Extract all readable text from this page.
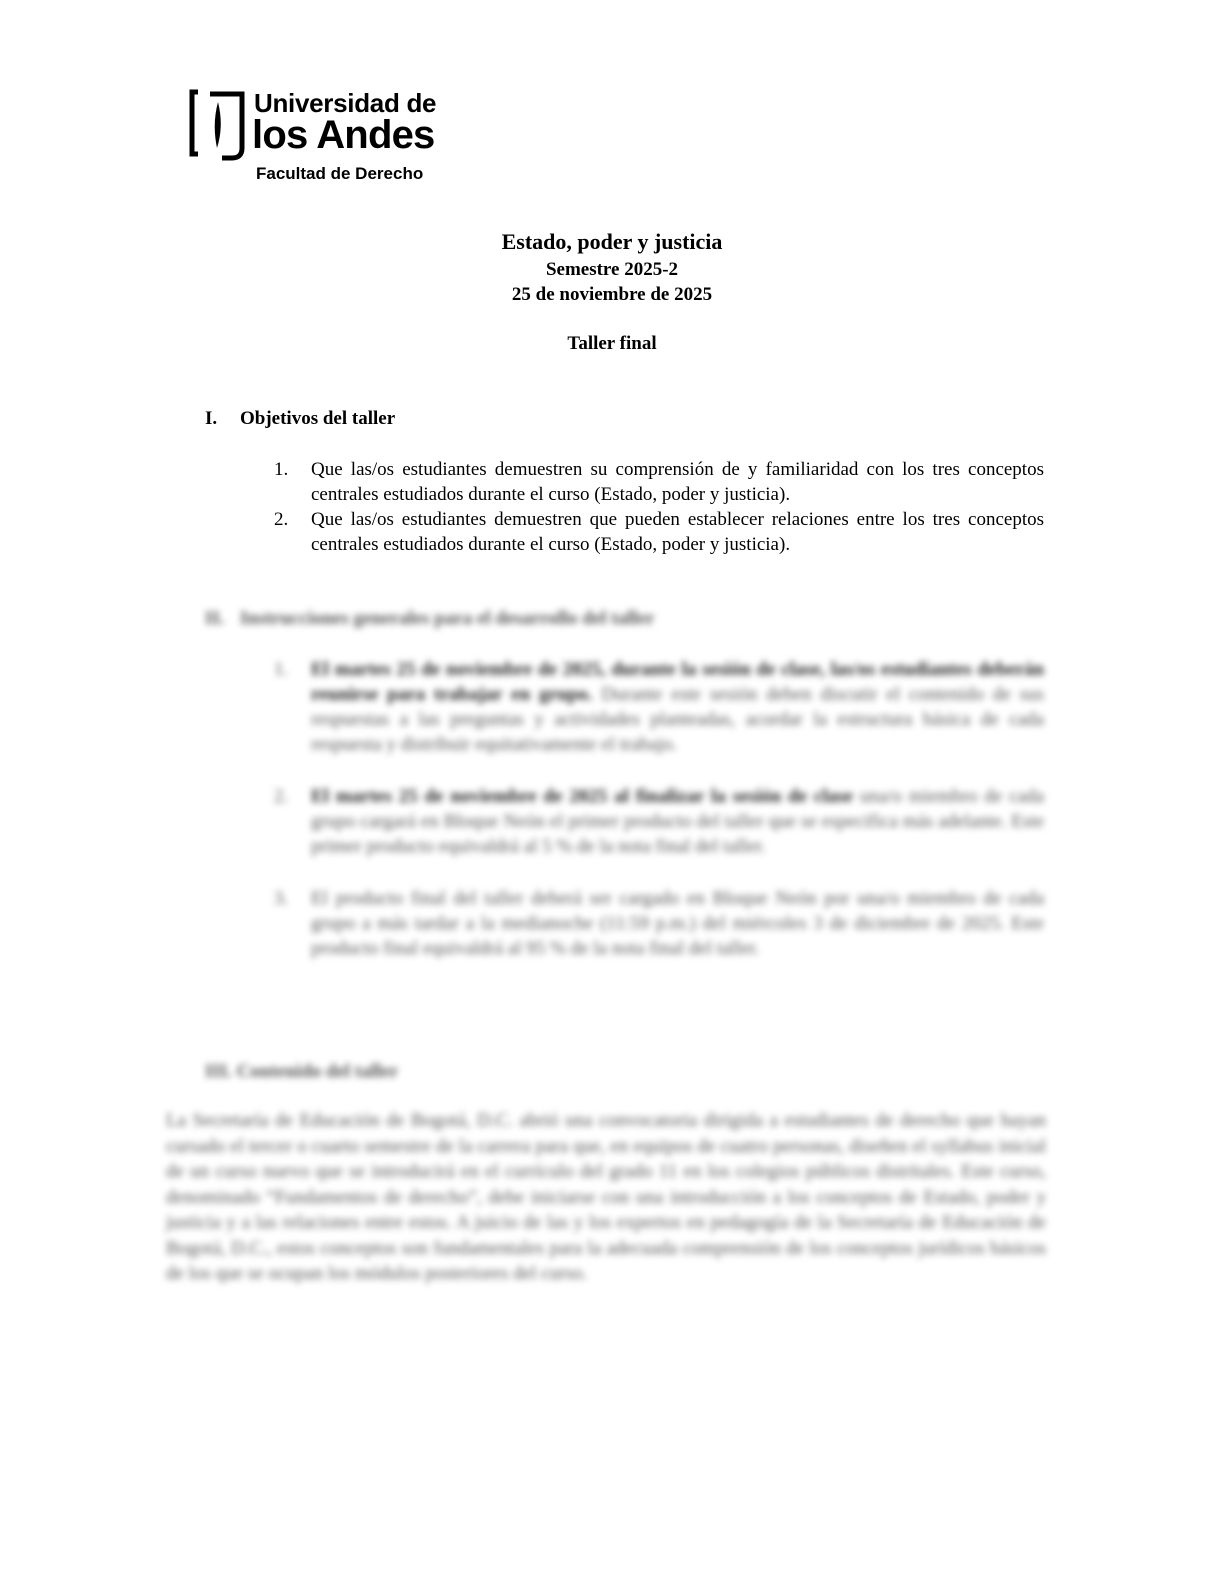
Universidad de
los Andes
Facultad de Derecho
Estado, poder y justicia
Semestre 2025-2
25 de noviembre de 2025
Taller final
I. Objetivos del taller
1. Que las/os estudiantes demuestren su comprensión de y familiaridad con los tres conceptos centrales estudiados durante el curso (Estado, poder y justicia).
2. Que las/os estudiantes demuestren que pueden establecer relaciones entre los tres conceptos centrales estudiados durante el curso (Estado, poder y justicia).
II. Instrucciones generales para el desarrollo del taller
1. El martes 25 de noviembre de 2025, durante la sesión de clase, las/os estudiantes deberán reunirse para trabajar en grupo. Durante este sesión deben discutir el contenido de sus respuestas a las preguntas y actividades planteadas, acordar la estructura básica de cada respuesta y distribuir equitativamente el trabajo.
2. El martes 25 de noviembre de 2025 al finalizar la sesión de clase una/o miembro de cada grupo cargará en Bloque Neón el primer producto del taller que se especifica más adelante. Este primer producto equivaldrá al 5 % de la nota final del taller.
3. El producto final del taller deberá ser cargado en Bloque Neón por una/o miembro de cada grupo a más tardar a la medianoche (11:59 p.m.) del miércoles 3 de diciembre de 2025. Este producto final equivaldrá al 95 % de la nota final del taller.
III. Contenido del taller
La Secretaría de Educación de Bogotá, D.C. abrió una convocatoria dirigida a estudiantes de derecho que hayan cursado el tercer o cuarto semestre de la carrera para que, en equipos de cuatro personas, diseñen el syllabus inicial de un curso nuevo que se introducirá en el currículo del grado 11 en los colegios públicos distritales. Este curso, denominado “Fundamentos de derecho”, debe iniciarse con una introducción a los conceptos de Estado, poder y justicia y a las relaciones entre estos. A juicio de las y los expertos en pedagogía de la Secretaría de Educación de Bogotá, D.C., estos conceptos son fundamentales para la adecuada comprensión de los conceptos jurídicos básicos de los que se ocupan los módulos posteriores del curso.
